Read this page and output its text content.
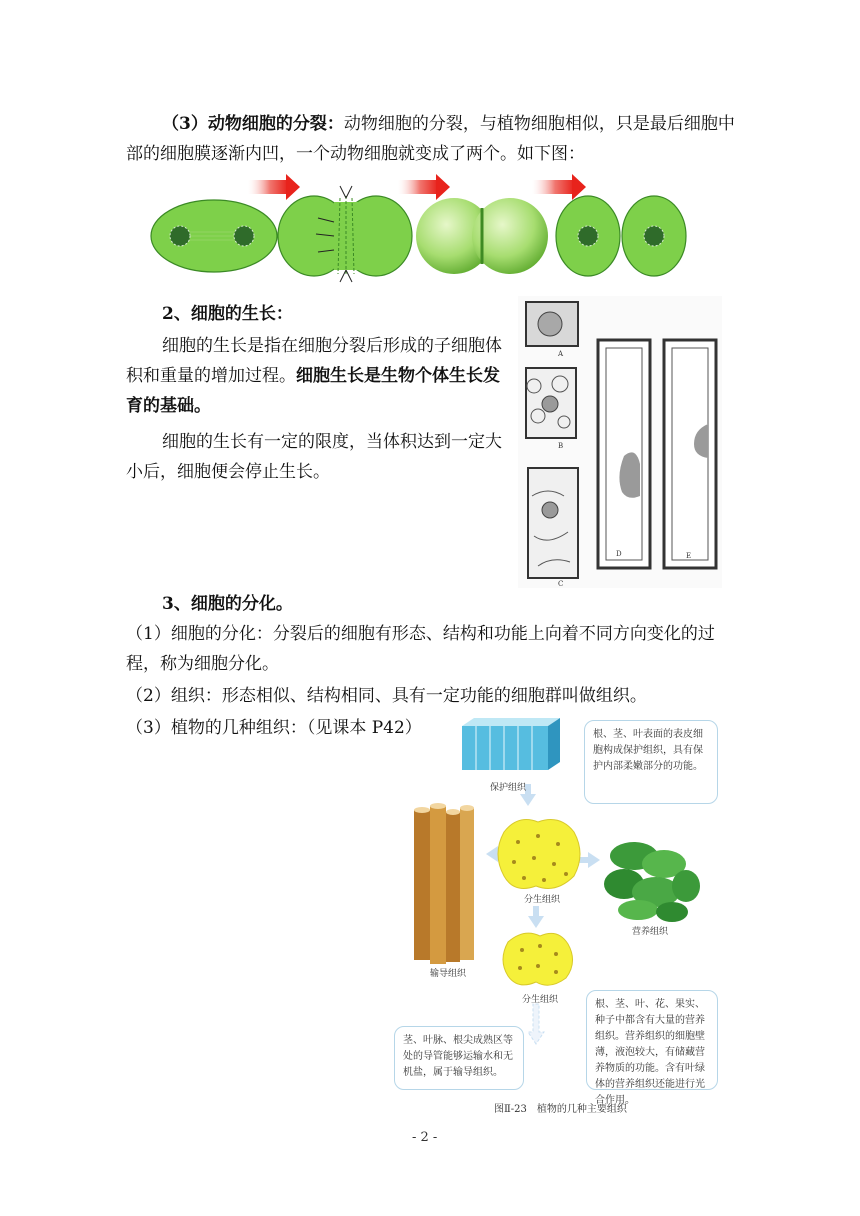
（3）动物细胞的分裂：动物细胞的分裂，与植物细胞相似，只是最后细胞中部的细胞膜逐渐内凹，一个动物细胞就变成了两个。如下图：
2、细胞的生长：
细胞的生长是指在细胞分裂后形成的子细胞体积和重量的增加过程。细胞生长是生物个体生长发育的基础。
细胞的生长有一定的限度，当体积达到一定大小后，细胞便会停止生长。
A
B
C
D	E
3、细胞的分化。
（1）细胞的分化：分裂后的细胞有形态、结构和功能上向着不同方向变化的过程，称为细胞分化。
（2）组织：形态相似、结构相同、具有一定功能的细胞群叫做组织。
（3）植物的几种组织：（见课本 P42）
保护组织
分生组织
营养组织
输导组织
分生组织
根、茎、叶表面的表皮细胞构成保护组织，具有保护内部柔嫩部分的功能。
茎、叶脉、根尖成熟区等处的导管能够运输水和无机盐，属于输导组织。
根、茎、叶、花、果实、种子中都含有大量的营养组织。营养组织的细胞壁薄，液泡较大，有储藏营养物质的功能。含有叶绿体的营养组织还能进行光合作用。
图Ⅱ-23　植物的几种主要组织
- 2 -
